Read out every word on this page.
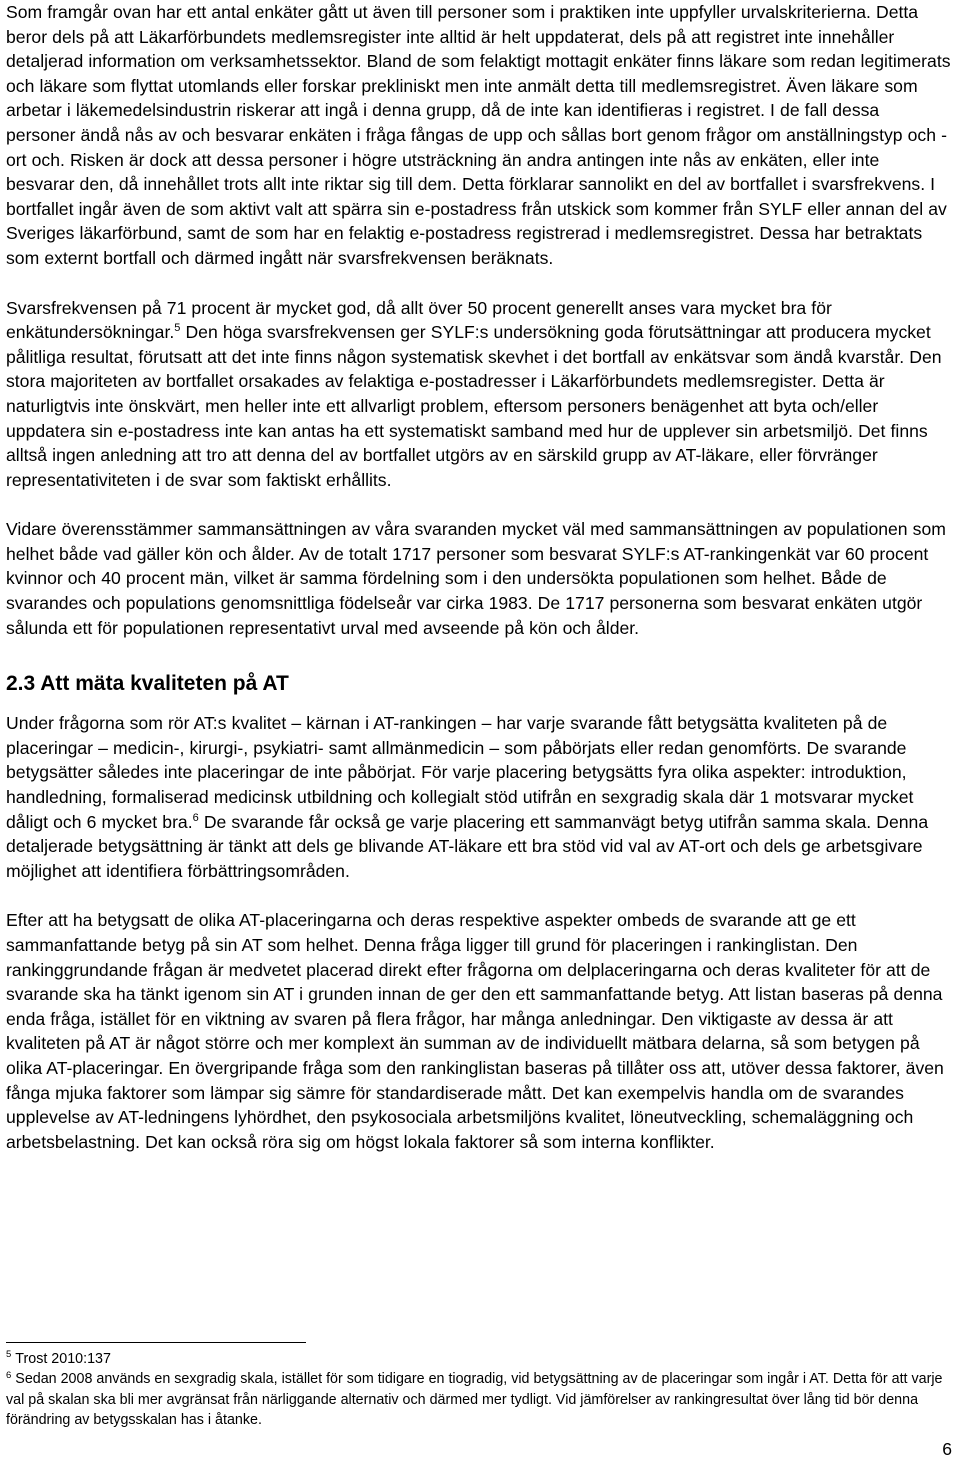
Som framgår ovan har ett antal enkäter gått ut även till personer som i praktiken inte uppfyller urvalskriterierna. Detta beror dels på att Läkarförbundets medlemsregister inte alltid är helt uppdaterat, dels på att registret inte innehåller detaljerad information om verksamhetssektor. Bland de som felaktigt mottagit enkäter finns läkare som redan legitimerats och läkare som flyttat utomlands eller forskar prekliniskt men inte anmält detta till medlemsregistret. Även läkare som arbetar i läkemedelsindustrin riskerar att ingå i denna grupp, då de inte kan identifieras i registret. I de fall dessa personer ändå nås av och besvarar enkäten i fråga fångas de upp och sållas bort genom frågor om anställningstyp och -ort och. Risken är dock att dessa personer i högre utsträckning än andra antingen inte nås av enkäten, eller inte besvarar den, då innehållet trots allt inte riktar sig till dem. Detta förklarar sannolikt en del av bortfallet i svarsfrekvens. I bortfallet ingår även de som aktivt valt att spärra sin e-postadress från utskick som kommer från SYLF eller annan del av Sveriges läkarförbund, samt de som har en felaktig e-postadress registrerad i medlemsregistret. Dessa har betraktats som externt bortfall och därmed ingått när svarsfrekvensen beräknats.

Svarsfrekvensen på 71 procent är mycket god, då allt över 50 procent generellt anses vara mycket bra för enkätundersökningar.$^5$ Den höga svarsfrekvensen ger SYLF:s undersökning goda förutsättningar att producera mycket pålitliga resultat, förutsatt att det inte finns någon systematisk skevhet i det bortfall av enkätsvar som ändå kvarstår. Den stora majoriteten av bortfallet orsakades av felaktiga e-postadresser i Läkarförbundets medlemsregister. Detta är naturligtvis inte önskvärt, men heller inte ett allvarligt problem, eftersom personers benägenhet att byta och/eller uppdatera sin e-postadress inte kan antas ha ett systematiskt samband med hur de upplever sin arbetsmiljö. Det finns alltså ingen anledning att tro att denna del av bortfallet utgörs av en särskild grupp av AT-läkare, eller förvränger representativiteten i de svar som faktiskt erhållits.

Vidare överensstämmer sammansättningen av våra svaranden mycket väl med sammansättningen av populationen som helhet både vad gäller kön och ålder. Av de totalt 1717 personer som besvarat SYLF:s AT-rankingenkät var 60 procent kvinnor och 40 procent män, vilket är samma fördelning som i den undersökta populationen som helhet. Både de svarandes och populations genomsnittliga födelseår var cirka 1983. De 1717 personerna som besvarat enkäten utgör sålunda ett för populationen representativt urval med avseende på kön och ålder.

2.3 Att mäta kvaliteten på AT

Under frågorna som rör AT:s kvalitet – kärnan i AT-rankingen – har varje svarande fått betygsätta kvaliteten på de placeringar – medicin-, kirurgi-, psykiatri- samt allmänmedicin – som påbörjats eller redan genomförts. De svarande betygsätter således inte placeringar de inte påbörjat. För varje placering betygsätts fyra olika aspekter: introduktion, handledning, formaliserad medicinsk utbildning och kollegialt stöd utifrån en sexgradig skala där 1 motsvarar mycket dåligt och 6 mycket bra.$^6$ De svarande får också ge varje placering ett sammanvägt betyg utifrån samma skala. Denna detaljerade betygsättning är tänkt att dels ge blivande AT-läkare ett bra stöd vid val av AT-ort och dels ge arbetsgivare möjlighet att identifiera förbättringsområden.

Efter att ha betygsatt de olika AT-placeringarna och deras respektive aspekter ombeds de svarande att ge ett sammanfattande betyg på sin AT som helhet. Denna fråga ligger till grund för placeringen i rankinglistan. Den rankinggrundande frågan är medvetet placerad direkt efter frågorna om delplaceringarna och deras kvaliteter för att de svarande ska ha tänkt igenom sin AT i grunden innan de ger den ett sammanfattande betyg. Att listan baseras på denna enda fråga, istället för en viktning av svaren på flera frågor, har många anledningar. Den viktigaste av dessa är att kvaliteten på AT är något större och mer komplext än summan av de individuellt mätbara delarna, så som betygen på olika AT-placeringar. En övergripande fråga som den rankinglistan baseras på tillåter oss att, utöver dessa faktorer, även fånga mjuka faktorer som lämpar sig sämre för standardiserade mått. Det kan exempelvis handla om de svarandes upplevelse av AT-ledningens lyhördhet, den psykosociala arbetsmiljöns kvalitet, löneutveckling, schemaläggning och arbetsbelastning. Det kan också röra sig om högst lokala faktorer så som interna konflikter.

$^5$ Trost 2010:137

$^6$ Sedan 2008 används en sexgradig skala, istället för som tidigare en tiogradig, vid betygsättning av de placeringar som ingår i AT. Detta för att varje val på skalan ska bli mer avgränsat från närliggande alternativ och därmed mer tydligt. Vid jämförelser av rankingresultat över lång tid bör denna förändring av betygsskalan has i åtanke.

6
